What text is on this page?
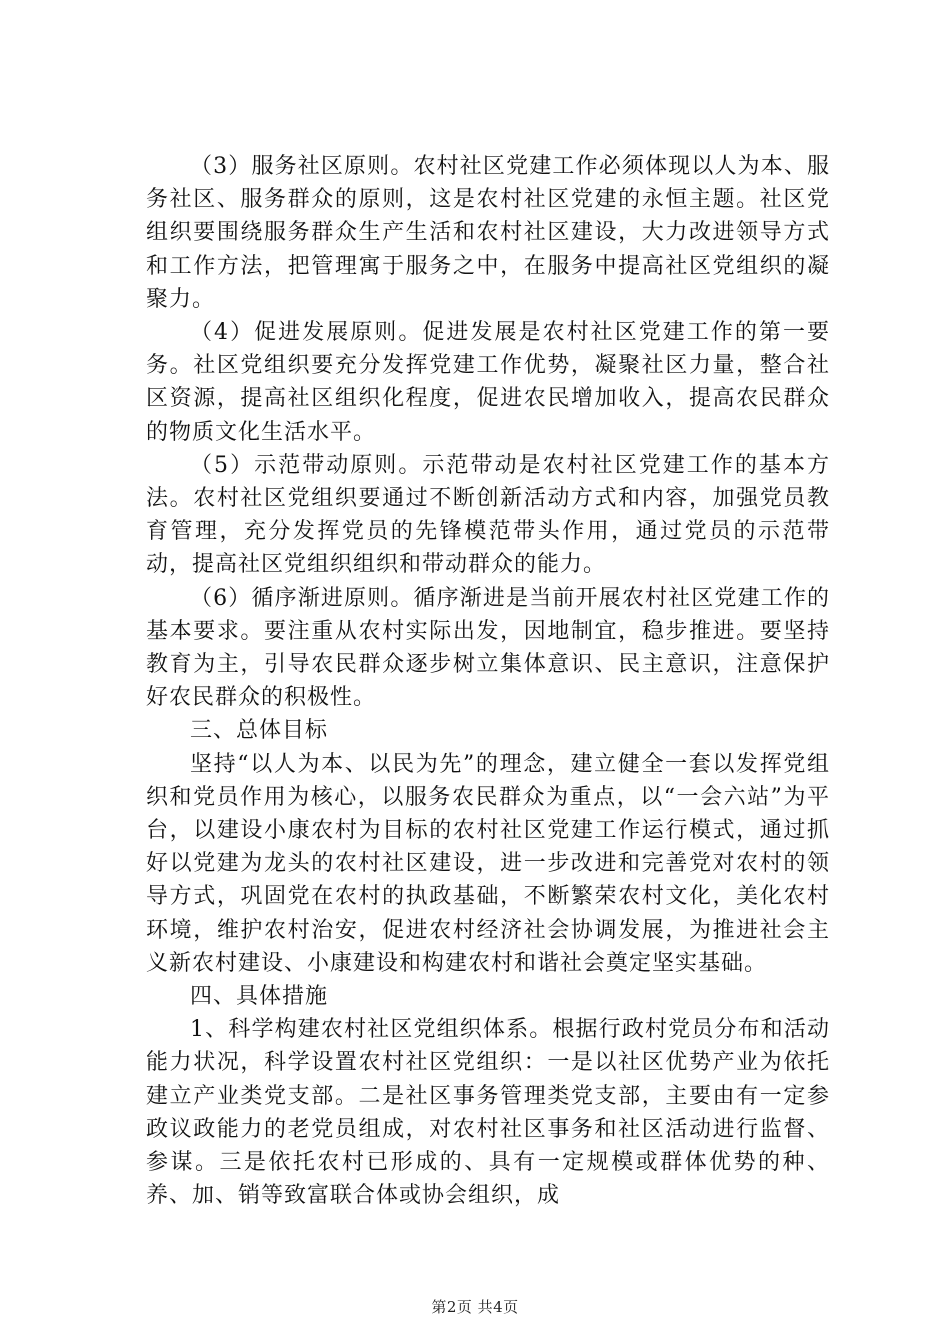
（3）服务社区原则。农村社区党建工作必须体现以人为本、服务社区、服务群众的原则，这是农村社区党建的永恒主题。社区党组织要围绕服务群众生产生活和农村社区建设，大力改进领导方式和工作方法，把管理寓于服务之中，在服务中提高社区党组织的凝聚力。

（4）促进发展原则。促进发展是农村社区党建工作的第一要务。社区党组织要充分发挥党建工作优势，凝聚社区力量，整合社区资源，提高社区组织化程度，促进农民增加收入，提高农民群众的物质文化生活水平。

（5）示范带动原则。示范带动是农村社区党建工作的基本方法。农村社区党组织要通过不断创新活动方式和内容，加强党员教育管理，充分发挥党员的先锋模范带头作用，通过党员的示范带动，提高社区党组织组织和带动群众的能力。

（6）循序渐进原则。循序渐进是当前开展农村社区党建工作的基本要求。要注重从农村实际出发，因地制宜，稳步推进。要坚持教育为主，引导农民群众逐步树立集体意识、民主意识，注意保护好农民群众的积极性。

三、总体目标

坚持“以人为本、以民为先”的理念，建立健全一套以发挥党组织和党员作用为核心，以服务农民群众为重点，以“一会六站”为平台，以建设小康农村为目标的农村社区党建工作运行模式，通过抓好以党建为龙头的农村社区建设，进一步改进和完善党对农村的领导方式，巩固党在农村的执政基础，不断繁荣农村文化，美化农村环境，维护农村治安，促进农村经济社会协调发展，为推进社会主义新农村建设、小康建设和构建农村和谐社会奠定坚实基础。

四、具体措施

1、科学构建农村社区党组织体系。根据行政村党员分布和活动能力状况，科学设置农村社区党组织：一是以社区优势产业为依托建立产业类党支部。二是社区事务管理类党支部，主要由有一定参政议政能力的老党员组成，对农村社区事务和社区活动进行监督、参谋。三是依托农村已形成的、具有一定规模或群体优势的种、养、加、销等致富联合体或协会组织，成

第2页 共4页
